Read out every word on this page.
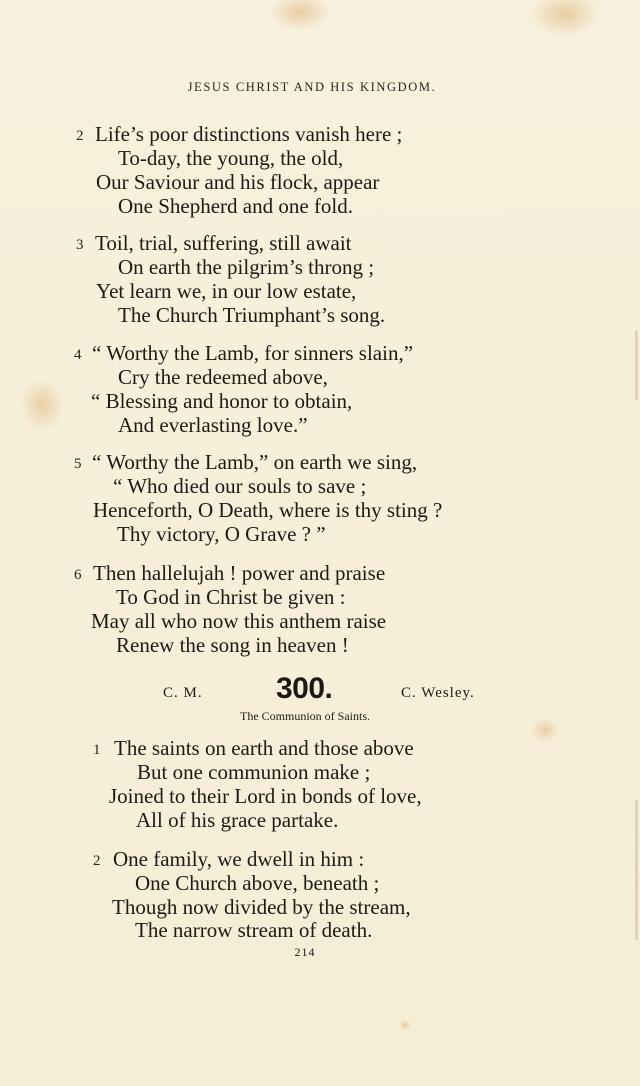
JESUS CHRIST AND HIS KINGDOM.
2 Life’s poor distinctions vanish here ;
To-day, the young, the old,
Our Saviour and his flock, appear
One Shepherd and one fold.
3 Toil, trial, suffering, still await
On earth the pilgrim’s throng ;
Yet learn we, in our low estate,
The Church Triumphant’s song.
4 “ Worthy the Lamb, for sinners slain,”
Cry the redeemed above,
“ Blessing and honor to obtain,
And everlasting love.”
5 “ Worthy the Lamb,” on earth we sing,
“ Who died our souls to save ;
Henceforth, O Death, where is thy sting ?
Thy victory, O Grave ? ”
6 Then hallelujah ! power and praise
To God in Christ be given :
May all who now this anthem raise
Renew the song in heaven !
C. M. 300.	C. Wesley.
The Communion of Saints.
1 The saints on earth and those above
But one communion make ;
Joined to their Lord in bonds of love,
All of his grace partake.
2 One family, we dwell in him :
One Church above, beneath ;
Though now divided by the stream,
The narrow stream of death.
214
